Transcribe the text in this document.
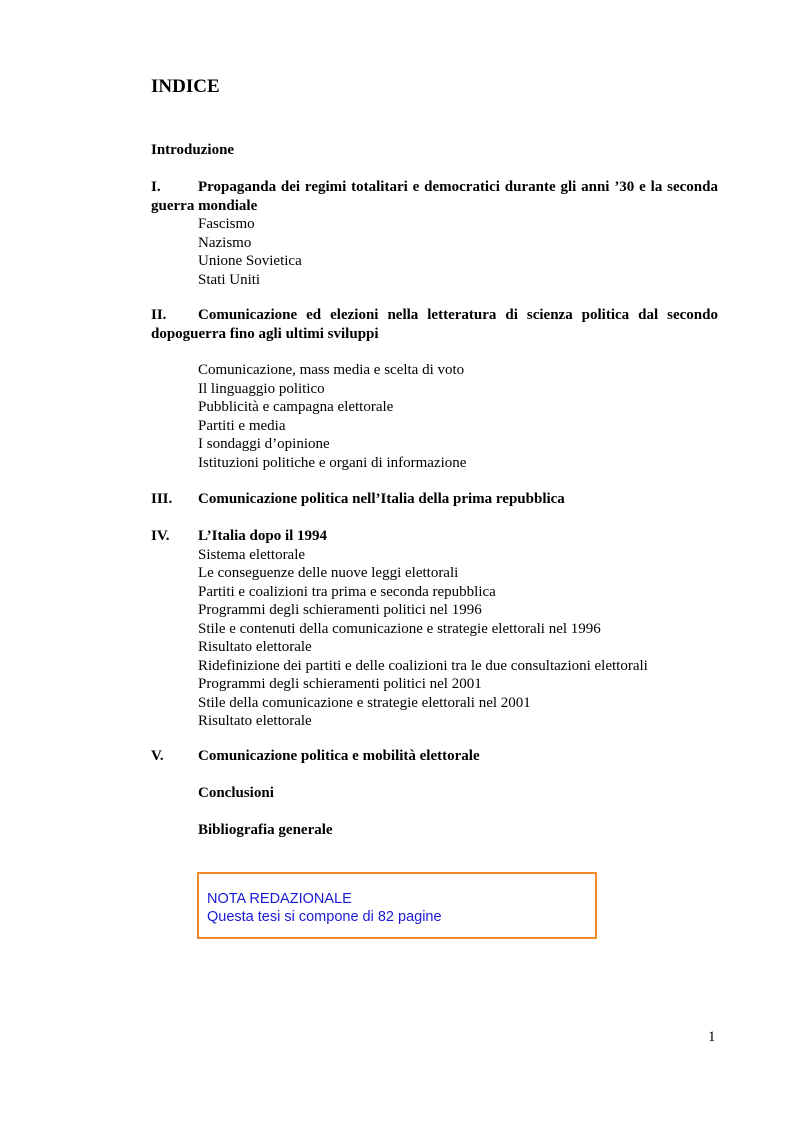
INDICE
Introduzione
I. Propaganda dei regimi totalitari e democratici durante gli anni ’30 e la seconda guerra mondiale
Fascismo
Nazismo
Unione Sovietica
Stati Uniti
II. Comunicazione ed elezioni nella letteratura di scienza politica dal secondo dopoguerra fino agli ultimi sviluppi
Comunicazione, mass media e scelta di voto
Il linguaggio politico
Pubblicità e campagna elettorale
Partiti e media
I sondaggi d’opinione
Istituzioni politiche e organi di informazione
III. Comunicazione politica nell’Italia della prima repubblica
IV. L’Italia dopo il 1994
Sistema elettorale
Le conseguenze delle nuove leggi elettorali
Partiti e coalizioni tra prima e seconda repubblica
Programmi degli schieramenti politici nel 1996
Stile e contenuti della comunicazione e strategie elettorali nel 1996
Risultato elettorale
Ridefinizione dei partiti e delle coalizioni tra le due consultazioni elettorali
Programmi degli schieramenti politici nel 2001
Stile della comunicazione e strategie elettorali nel 2001
Risultato elettorale
V. Comunicazione politica e mobilità elettorale
Conclusioni
Bibliografia generale
NOTA REDAZIONALE
Questa tesi si compone di 82 pagine
1
